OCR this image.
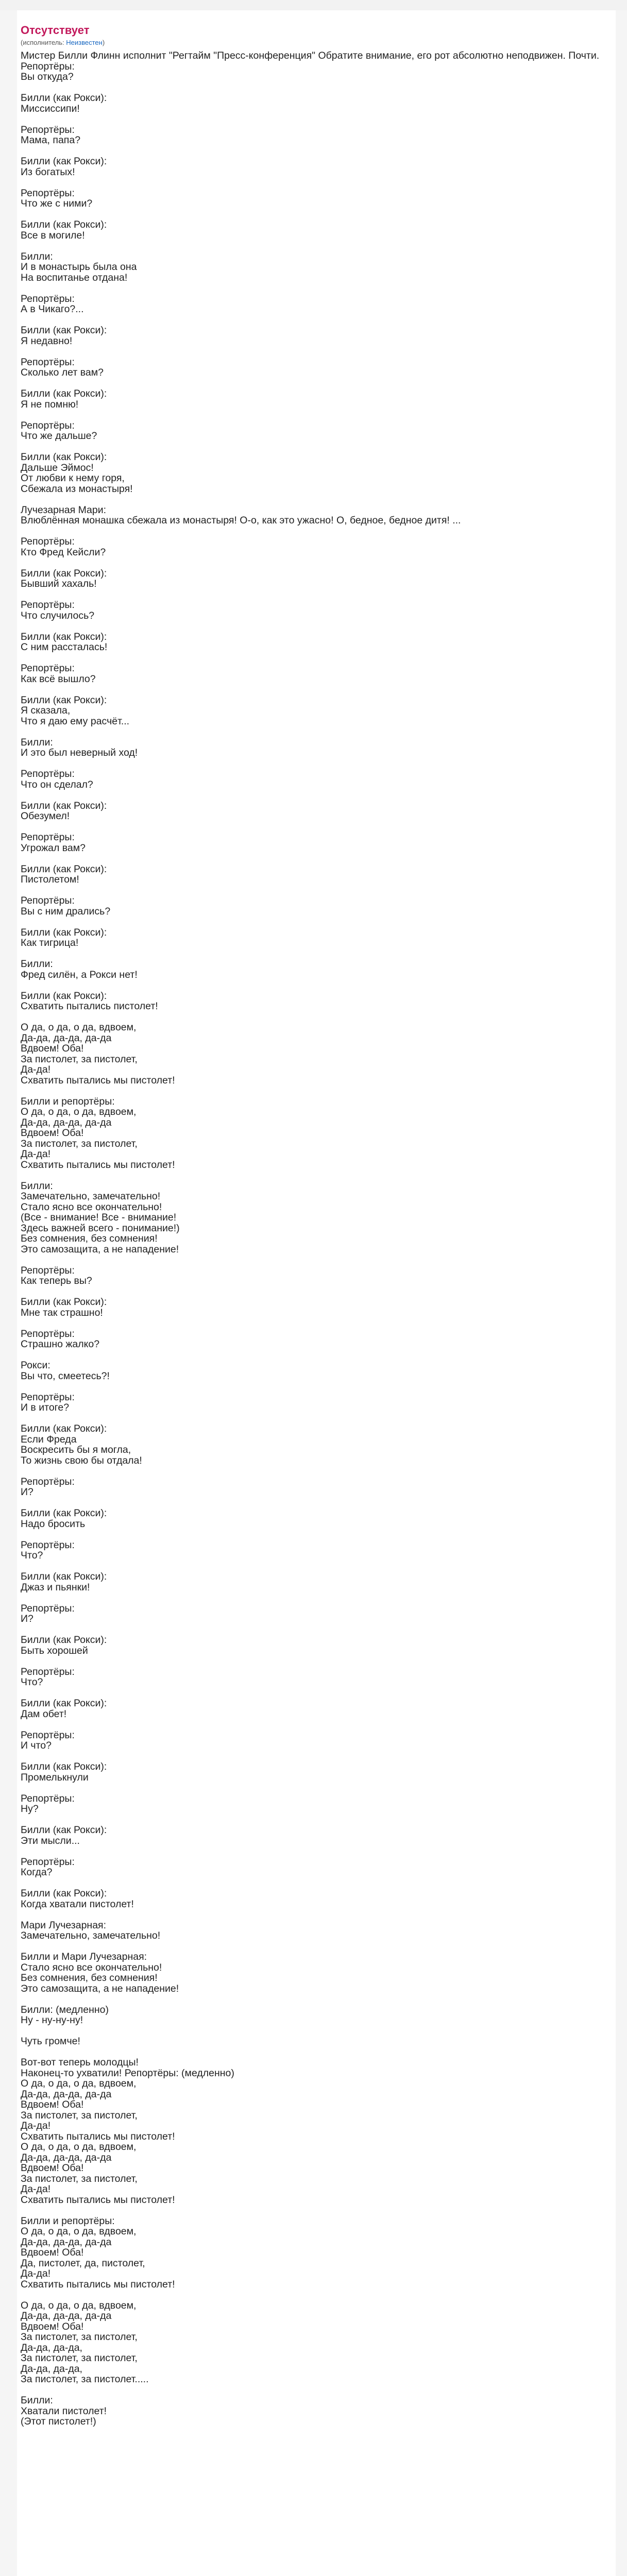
Отсутствует
(исполнитель: Неизвестен)
Мистер Билли Флинн исполнит "Регтайм "Пресс-конференция" Обратите внимание, его рот абсолютно неподвижен. Почти.
Репортёры:
Вы откуда?

Билли (как Рокси):
Миссиссипи!

Репортёры:
Мама, папа?

Билли (как Рокси):
Из богатых!

Репортёры:
Что же с ними?

Билли (как Рокси):
Все в могиле!

Билли:
И в монастырь была она
На воспитанье отдана!

Репортёры:
А в Чикаго?...

Билли (как Рокси):
Я недавно!

Репортёры:
Сколько лет вам?

Билли (как Рокси):
Я не помню!

Репортёры:
Что же дальше?

Билли (как Рокси):
Дальше Эймос!
От любви к нему горя,
Сбежала из монастыря!

Лучезарная Мари:
Влюблённая монашка сбежала из монастыря! О-о, как это ужасно! О, бедное, бедное дитя! ...

Репортёры:
Кто Фред Кейсли?

Билли (как Рокси):
Бывший хахаль!

Репортёры:
Что случилось?

Билли (как Рокси):
С ним рассталась!

Репортёры:
Как всё вышло?

Билли (как Рокси):
Я сказала,
Что я даю ему расчёт...

Билли:
И это был неверный ход!

Репортёры:
Что он сделал?

Билли (как Рокси):
Обезумел!

Репортёры:
Угрожал вам?

Билли (как Рокси):
Пистолетом!

Репортёры:
Вы с ним дрались?

Билли (как Рокси):
Как тигрица!

Билли:
Фред силён, а Рокси нет!

Билли (как Рокси):
Схватить пытались пистолет!

О да, о да, о да, вдвоем,
Да-да, да-да, да-да
Вдвоем! Оба!
За пистолет, за пистолет,
Да-да!
Схватить пытались мы пистолет!

Билли и репортёры:
О да, о да, о да, вдвоем,
Да-да, да-да, да-да
Вдвоем! Оба!
За пистолет, за пистолет,
Да-да!
Схватить пытались мы пистолет!

Билли:
Замечательно, замечательно!
Стало ясно все окончательно!
(Все - внимание! Все - внимание!
Здесь важней всего - понимание!)
Без сомнения, без сомнения!
Это самозащита, а не нападение!

Репортёры:
Как теперь вы?

Билли (как Рокси):
Мне так страшно!

Репортёры:
Страшно жалко?

Рокси:
Вы что, смеетесь?!

Репортёры:
И в итоге?

Билли (как Рокси):
Если Фреда
Воскресить бы я могла,
То жизнь свою бы отдала!

Репортёры:
И?

Билли (как Рокси):
Надо бросить

Репортёры:
Что?

Билли (как Рокси):
Джаз и пьянки!

Репортёры:
И?

Билли (как Рокси):
Быть хорошей

Репортёры:
Что?

Билли (как Рокси):
Дам обет!

Репортёры:
И что?

Билли (как Рокси):
Промелькнули

Репортёры:
Ну?

Билли (как Рокси):
Эти мысли...

Репортёры:
Когда?

Билли (как Рокси):
Когда хватали пистолет!

Мари Лучезарная:
Замечательно, замечательно!

Билли и Мари Лучезарная:
Стало ясно все окончательно!
Без сомнения, без сомнения!
Это самозащита, а не нападение!

Билли: (медленно)
Ну - ну-ну-ну!

Чуть громче!

Вот-вот теперь молодцы!
Наконец-то ухватили! Репортёры: (медленно)
О да, о да, о да, вдвоем,
Да-да, да-да, да-да
Вдвоем! Оба!
За пистолет, за пистолет,
Да-да!
Схватить пытались мы пистолет!
О да, о да, о да, вдвоем,
Да-да, да-да, да-да
Вдвоем! Оба!
За пистолет, за пистолет,
Да-да!
Схватить пытались мы пистолет!

Билли и репортёры:
О да, о да, о да, вдвоем,
Да-да, да-да, да-да
Вдвоем! Оба!
Да, пистолет, да, пистолет,
Да-да!
Схватить пытались мы пистолет!

О да, о да, о да, вдвоем,
Да-да, да-да, да-да
Вдвоем! Оба!
За пистолет, за пистолет,
Да-да, да-да,
За пистолет, за пистолет,
Да-да, да-да,
За пистолет, за пистолет.....

Билли:
Хватали пистолет!
(Этот пистолет!)
